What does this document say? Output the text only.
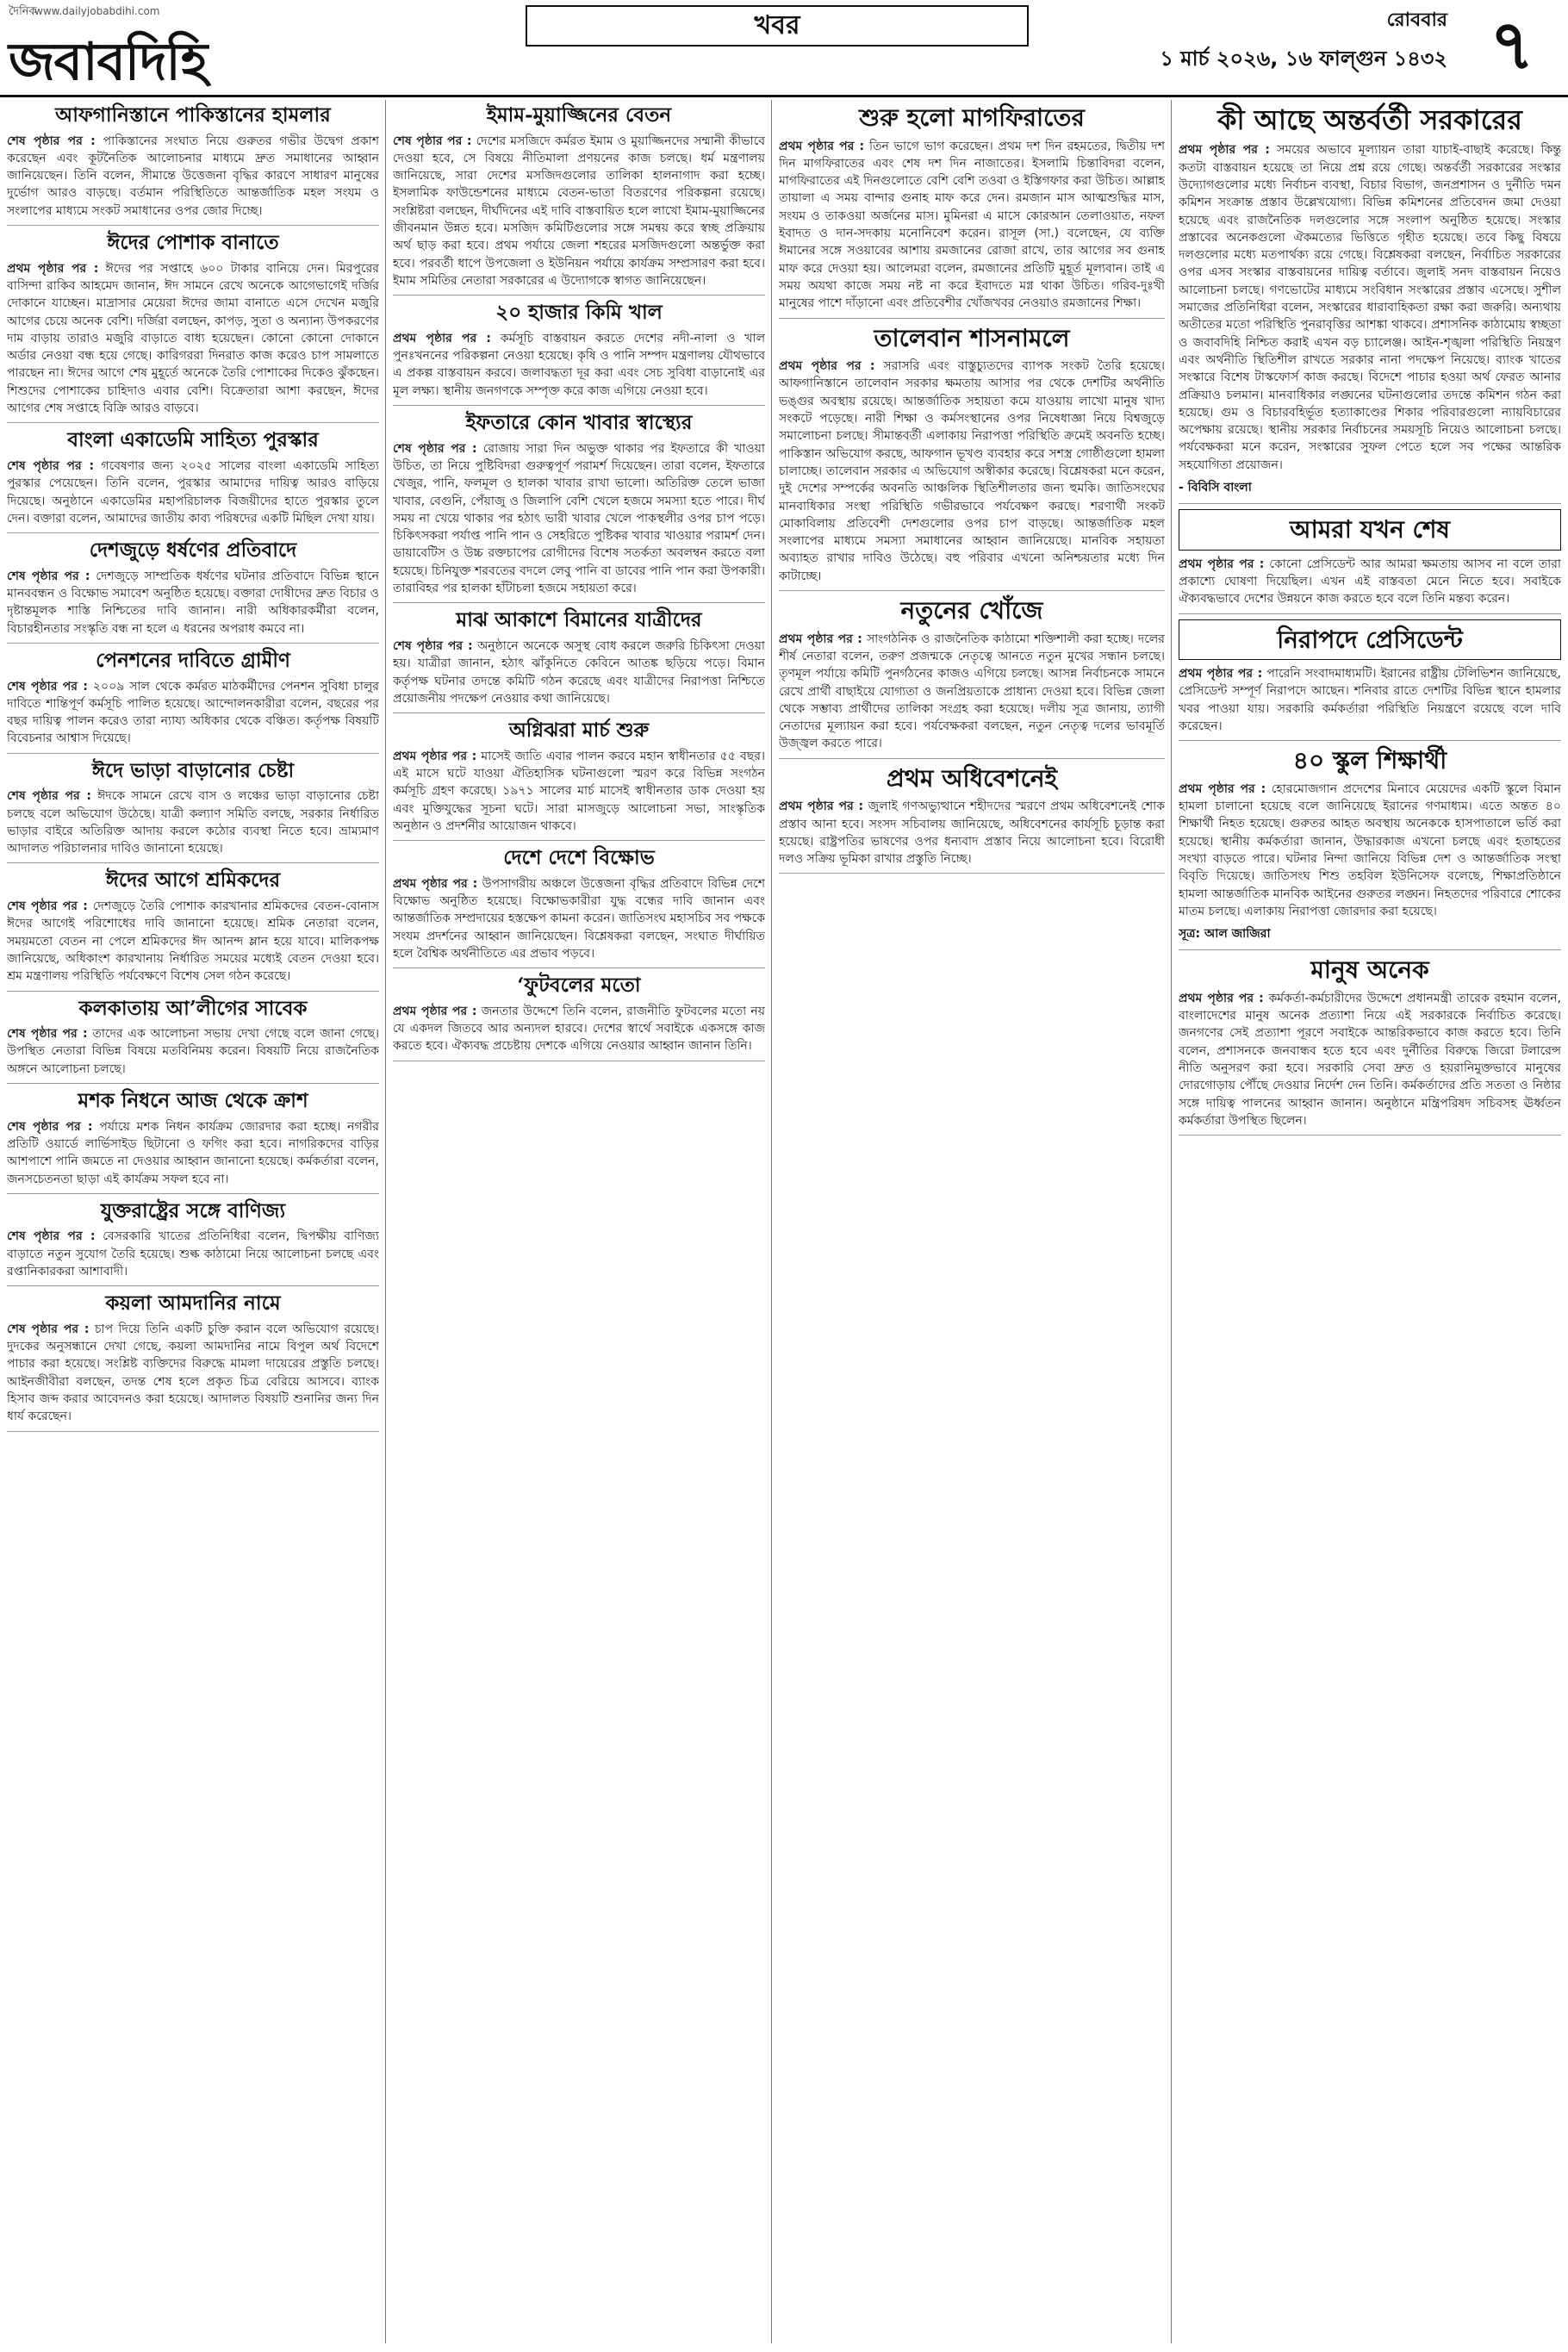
দৈনিক
www.dailyjobabdihi.com
জবাবদিহি
খবর	রোববার
১ মার্চ ২০২৬, ১৬ ফাল্গুন ১৪৩২ ৭
আফগানিস্তানে পাকিস্তানের হামলার
শেষ পৃষ্ঠার পর : পাকিস্তানের সংঘাত নিয়ে গুরুতর গভীর উদ্বেগ প্রকাশ করেছেন এবং কূটনৈতিক আলোচনার মাধ্যমে দ্রুত সমাধানের আহ্বান জানিয়েছেন। তিনি বলেন, সীমান্তে উত্তেজনা বৃদ্ধির কারণে সাধারণ মানুষের দুর্ভোগ আরও বাড়ছে। বর্তমান পরিস্থিতিতে আন্তর্জাতিক মহল সংযম ও সংলাপের মাধ্যমে সংকট সমাধানের ওপর জোর দিচ্ছে।
ঈদের পোশাক বানাতে
প্রথম পৃষ্ঠার পর : ঈদের পর সপ্তাহে ৬০০ টাকার বানিয়ে দেন। মিরপুরের বাসিন্দা রাকিব আহমেদ জানান, ঈদ সামনে রেখে অনেকে আগেভাগেই দর্জির দোকানে যাচ্ছেন। মাদ্রাসার মেয়েরা ঈদের জামা বানাতে এসে দেখেন মজুরি আগের চেয়ে অনেক বেশি। দর্জিরা বলছেন, কাপড়, সুতা ও অন্যান্য উপকরণের দাম বাড়ায় তারাও মজুরি বাড়াতে বাধ্য হয়েছেন। কোনো কোনো দোকানে অর্ডার নেওয়া বন্ধ হয়ে গেছে। কারিগররা দিনরাত কাজ করেও চাপ সামলাতে পারছেন না। ঈদের আগে শেষ মুহূর্তে অনেকে তৈরি পোশাকের দিকেও ঝুঁকছেন। শিশুদের পোশাকের চাহিদাও এবার বেশি। বিক্রেতারা আশা করছেন, ঈদের আগের শেষ সপ্তাহে বিক্রি আরও বাড়বে।
বাংলা একাডেমি সাহিত্য পুরস্কার
শেষ পৃষ্ঠার পর : গবেষণার জন্য ২০২৫ সালের বাংলা একাডেমি সাহিত্য পুরস্কার পেয়েছেন। তিনি বলেন, পুরস্কার আমাদের দায়িত্ব আরও বাড়িয়ে দিয়েছে। অনুষ্ঠানে একাডেমির মহাপরিচালক বিজয়ীদের হাতে পুরস্কার তুলে দেন। বক্তারা বলেন, আমাদের জাতীয় কাব্য পরিষদের একটি মিছিল দেখা যায়।
দেশজুড়ে ধর্ষণের প্রতিবাদে
শেষ পৃষ্ঠার পর : দেশজুড়ে সাম্প্রতিক ধর্ষণের ঘটনার প্রতিবাদে বিভিন্ন স্থানে মানববন্ধন ও বিক্ষোভ সমাবেশ অনুষ্ঠিত হয়েছে। বক্তারা দোষীদের দ্রুত বিচার ও দৃষ্টান্তমূলক শাস্তি নিশ্চিতের দাবি জানান। নারী অধিকারকর্মীরা বলেন, বিচারহীনতার সংস্কৃতি বন্ধ না হলে এ ধরনের অপরাধ কমবে না।
পেনশনের দাবিতে গ্রামীণ
শেষ পৃষ্ঠার পর : ২০০৯ সাল থেকে কর্মরত মাঠকর্মীদের পেনশন সুবিধা চালুর দাবিতে শান্তিপূর্ণ কর্মসূচি পালিত হয়েছে। আন্দোলনকারীরা বলেন, বছরের পর বছর দায়িত্ব পালন করেও তারা ন্যায্য অধিকার থেকে বঞ্চিত। কর্তৃপক্ষ বিষয়টি বিবেচনার আশ্বাস দিয়েছে।
ঈদে ভাড়া বাড়ানোর চেষ্টা
শেষ পৃষ্ঠার পর : ঈদকে সামনে রেখে বাস ও লঞ্চের ভাড়া বাড়ানোর চেষ্টা চলছে বলে অভিযোগ উঠেছে। যাত্রী কল্যাণ সমিতি বলছে, সরকার নির্ধারিত ভাড়ার বাইরে অতিরিক্ত আদায় করলে কঠোর ব্যবস্থা নিতে হবে। ভ্রাম্যমাণ আদালত পরিচালনার দাবিও জানানো হয়েছে।
ঈদের আগে শ্রমিকদের
শেষ পৃষ্ঠার পর : দেশজুড়ে তৈরি পোশাক কারখানার শ্রমিকদের বেতন-বোনাস ঈদের আগেই পরিশোধের দাবি জানানো হয়েছে। শ্রমিক নেতারা বলেন, সময়মতো বেতন না পেলে শ্রমিকদের ঈদ আনন্দ ম্লান হয়ে যাবে। মালিকপক্ষ জানিয়েছে, অধিকাংশ কারখানায় নির্ধারিত সময়ের মধ্যেই বেতন দেওয়া হবে। শ্রম মন্ত্রণালয় পরিস্থিতি পর্যবেক্ষণে বিশেষ সেল গঠন করেছে।
কলকাতায় আ’লীগের সাবেক
শেষ পৃষ্ঠার পর : তাদের এক আলোচনা সভায় দেখা গেছে বলে জানা গেছে। উপস্থিত নেতারা বিভিন্ন বিষয়ে মতবিনিময় করেন। বিষয়টি নিয়ে রাজনৈতিক অঙ্গনে আলোচনা চলছে।
মশক নিধনে আজ থেকে ক্রাশ
শেষ পৃষ্ঠার পর : পর্যায়ে মশক নিধন কার্যক্রম জোরদার করা হচ্ছে। নগরীর প্রতিটি ওয়ার্ডে লার্ভিসাইড ছিটানো ও ফগিং করা হবে। নাগরিকদের বাড়ির আশপাশে পানি জমতে না দেওয়ার আহ্বান জানানো হয়েছে। কর্মকর্তারা বলেন, জনসচেতনতা ছাড়া এই কার্যক্রম সফল হবে না।
যুক্তরাষ্ট্রের সঙ্গে বাণিজ্য
শেষ পৃষ্ঠার পর : বেসরকারি খাতের প্রতিনিধিরা বলেন, দ্বিপক্ষীয় বাণিজ্য বাড়াতে নতুন সুযোগ তৈরি হয়েছে। শুল্ক কাঠামো নিয়ে আলোচনা চলছে এবং রপ্তানিকারকরা আশাবাদী।
কয়লা আমদানির নামে
শেষ পৃষ্ঠার পর : চাপ দিয়ে তিনি একটি চুক্তি করান বলে অভিযোগ রয়েছে। দুদকের অনুসন্ধানে দেখা গেছে, কয়লা আমদানির নামে বিপুল অর্থ বিদেশে পাচার করা হয়েছে। সংশ্লিষ্ট ব্যক্তিদের বিরুদ্ধে মামলা দায়েরের প্রস্তুতি চলছে। আইনজীবীরা বলছেন, তদন্ত শেষ হলে প্রকৃত চিত্র বেরিয়ে আসবে। ব্যাংক হিসাব জব্দ করার আবেদনও করা হয়েছে। আদালত বিষয়টি শুনানির জন্য দিন ধার্য করেছেন।
ইমাম-মুয়াজ্জিনের বেতন
শেষ পৃষ্ঠার পর : দেশের মসজিদে কর্মরত ইমাম ও মুয়াজ্জিনদের সম্মানী কীভাবে দেওয়া হবে, সে বিষয়ে নীতিমালা প্রণয়নের কাজ চলছে। ধর্ম মন্ত্রণালয় জানিয়েছে, সারা দেশের মসজিদগুলোর তালিকা হালনাগাদ করা হচ্ছে। ইসলামিক ফাউন্ডেশনের মাধ্যমে বেতন-ভাতা বিতরণের পরিকল্পনা রয়েছে। সংশ্লিষ্টরা বলছেন, দীর্ঘদিনের এই দাবি বাস্তবায়িত হলে লাখো ইমাম-মুয়াজ্জিনের জীবনমান উন্নত হবে। মসজিদ কমিটিগুলোর সঙ্গে সমন্বয় করে স্বচ্ছ প্রক্রিয়ায় অর্থ ছাড় করা হবে। প্রথম পর্যায়ে জেলা শহরের মসজিদগুলো অন্তর্ভুক্ত করা হবে। পরবর্তী ধাপে উপজেলা ও ইউনিয়ন পর্যায়ে কার্যক্রম সম্প্রসারণ করা হবে। ইমাম সমিতির নেতারা সরকারের এ উদ্যোগকে স্বাগত জানিয়েছেন।
২০ হাজার কিমি খাল
প্রথম পৃষ্ঠার পর : কর্মসূচি বাস্তবায়ন করতে দেশের নদী-নালা ও খাল পুনঃখননের পরিকল্পনা নেওয়া হয়েছে। কৃষি ও পানি সম্পদ মন্ত্রণালয় যৌথভাবে এ প্রকল্প বাস্তবায়ন করবে। জলাবদ্ধতা দূর করা এবং সেচ সুবিধা বাড়ানোই এর মূল লক্ষ্য। স্থানীয় জনগণকে সম্পৃক্ত করে কাজ এগিয়ে নেওয়া হবে।
ইফতারে কোন খাবার স্বাস্থ্যের
শেষ পৃষ্ঠার পর : রোজায় সারা দিন অভুক্ত থাকার পর ইফতারে কী খাওয়া উচিত, তা নিয়ে পুষ্টিবিদরা গুরুত্বপূর্ণ পরামর্শ দিয়েছেন। তারা বলেন, ইফতারে খেজুর, পানি, ফলমূল ও হালকা খাবার রাখা ভালো। অতিরিক্ত তেলে ভাজা খাবার, বেগুনি, পেঁয়াজু ও জিলাপি বেশি খেলে হজমে সমস্যা হতে পারে। দীর্ঘ সময় না খেয়ে থাকার পর হঠাৎ ভারী খাবার খেলে পাকস্থলীর ওপর চাপ পড়ে। চিকিৎসকরা পর্যাপ্ত পানি পান ও সেহরিতে পুষ্টিকর খাবার খাওয়ার পরামর্শ দেন। ডায়াবেটিস ও উচ্চ রক্তচাপের রোগীদের বিশেষ সতর্কতা অবলম্বন করতে বলা হয়েছে। চিনিযুক্ত শরবতের বদলে লেবু পানি বা ডাবের পানি পান করা উপকারী। তারাবিহর পর হালকা হাঁটাচলা হজমে সহায়তা করে।
মাঝ আকাশে বিমানের যাত্রীদের
শেষ পৃষ্ঠার পর : অনুষ্ঠানে অনেকে অসুস্থ বোধ করলে জরুরি চিকিৎসা দেওয়া হয়। যাত্রীরা জানান, হঠাৎ ঝাঁকুনিতে কেবিনে আতঙ্ক ছড়িয়ে পড়ে। বিমান কর্তৃপক্ষ ঘটনার তদন্তে কমিটি গঠন করেছে এবং যাত্রীদের নিরাপত্তা নিশ্চিতে প্রয়োজনীয় পদক্ষেপ নেওয়ার কথা জানিয়েছে।
অগ্নিঝরা মার্চ শুরু
প্রথম পৃষ্ঠার পর : মাসেই জাতি এবার পালন করবে মহান স্বাধীনতার ৫৫ বছর। এই মাসে ঘটে যাওয়া ঐতিহাসিক ঘটনাগুলো স্মরণ করে বিভিন্ন সংগঠন কর্মসূচি গ্রহণ করেছে। ১৯৭১ সালের মার্চ মাসেই স্বাধীনতার ডাক দেওয়া হয় এবং মুক্তিযুদ্ধের সূচনা ঘটে। সারা মাসজুড়ে আলোচনা সভা, সাংস্কৃতিক অনুষ্ঠান ও প্রদর্শনীর আয়োজন থাকবে।
দেশে দেশে বিক্ষোভ
প্রথম পৃষ্ঠার পর : উপসাগরীয় অঞ্চলে উত্তেজনা বৃদ্ধির প্রতিবাদে বিভিন্ন দেশে বিক্ষোভ অনুষ্ঠিত হয়েছে। বিক্ষোভকারীরা যুদ্ধ বন্ধের দাবি জানান এবং আন্তর্জাতিক সম্প্রদায়ের হস্তক্ষেপ কামনা করেন। জাতিসংঘ মহাসচিব সব পক্ষকে সংযম প্রদর্শনের আহ্বান জানিয়েছেন। বিশ্লেষকরা বলছেন, সংঘাত দীর্ঘায়িত হলে বৈশ্বিক অর্থনীতিতে এর প্রভাব পড়বে।
‘ফুটবলের মতো
প্রথম পৃষ্ঠার পর : জনতার উদ্দেশে তিনি বলেন, রাজনীতি ফুটবলের মতো নয় যে একদল জিতবে আর অন্যদল হারবে। দেশের স্বার্থে সবাইকে একসঙ্গে কাজ করতে হবে। ঐক্যবদ্ধ প্রচেষ্টায় দেশকে এগিয়ে নেওয়ার আহ্বান জানান তিনি।
শুরু হলো মাগফিরাতের
প্রথম পৃষ্ঠার পর : তিন ভাগে ভাগ করেছেন। প্রথম দশ দিন রহমতের, দ্বিতীয় দশ দিন মাগফিরাতের এবং শেষ দশ দিন নাজাতের। ইসলামি চিন্তাবিদরা বলেন, মাগফিরাতের এই দিনগুলোতে বেশি বেশি তওবা ও ইস্তিগফার করা উচিত। আল্লাহ তায়ালা এ সময় বান্দার গুনাহ মাফ করে দেন। রমজান মাস আত্মশুদ্ধির মাস, সংযম ও তাকওয়া অর্জনের মাস। মুমিনরা এ মাসে কোরআন তেলাওয়াত, নফল ইবাদত ও দান-সদকায় মনোনিবেশ করেন। রাসূল (সা.) বলেছেন, যে ব্যক্তি ঈমানের সঙ্গে সওয়াবের আশায় রমজানের রোজা রাখে, তার আগের সব গুনাহ মাফ করে দেওয়া হয়। আলেমরা বলেন, রমজানের প্রতিটি মুহূর্ত মূল্যবান। তাই এ সময় অযথা কাজে সময় নষ্ট না করে ইবাদতে মগ্ন থাকা উচিত। গরিব-দুঃখী মানুষের পাশে দাঁড়ানো এবং প্রতিবেশীর খোঁজখবর নেওয়াও রমজানের শিক্ষা।
তালেবান শাসনামলে
প্রথম পৃষ্ঠার পর : সরাসরি এবং বাস্তুচ্যুতদের ব্যাপক সংকট তৈরি হয়েছে। আফগানিস্তানে তালেবান সরকার ক্ষমতায় আসার পর থেকে দেশটির অর্থনীতি ভঙ্গুর অবস্থায় রয়েছে। আন্তর্জাতিক সহায়তা কমে যাওয়ায় লাখো মানুষ খাদ্য সংকটে পড়েছে। নারী শিক্ষা ও কর্মসংস্থানের ওপর নিষেধাজ্ঞা নিয়ে বিশ্বজুড়ে সমালোচনা চলছে। সীমান্তবর্তী এলাকায় নিরাপত্তা পরিস্থিতি ক্রমেই অবনতি হচ্ছে। পাকিস্তান অভিযোগ করছে, আফগান ভূখণ্ড ব্যবহার করে সশস্ত্র গোষ্ঠীগুলো হামলা চালাচ্ছে। তালেবান সরকার এ অভিযোগ অস্বীকার করেছে। বিশ্লেষকরা মনে করেন, দুই দেশের সম্পর্কের অবনতি আঞ্চলিক স্থিতিশীলতার জন্য হুমকি। জাতিসংঘের মানবাধিকার সংস্থা পরিস্থিতি গভীরভাবে পর্যবেক্ষণ করছে। শরণার্থী সংকট মোকাবিলায় প্রতিবেশী দেশগুলোর ওপর চাপ বাড়ছে। আন্তর্জাতিক মহল সংলাপের মাধ্যমে সমস্যা সমাধানের আহ্বান জানিয়েছে। মানবিক সহায়তা অব্যাহত রাখার দাবিও উঠেছে। বহু পরিবার এখনো অনিশ্চয়তার মধ্যে দিন কাটাচ্ছে।
নতুনের খোঁজে
প্রথম পৃষ্ঠার পর : সাংগঠনিক ও রাজনৈতিক কাঠামো শক্তিশালী করা হচ্ছে। দলের শীর্ষ নেতারা বলেন, তরুণ প্রজন্মকে নেতৃত্বে আনতে নতুন মুখের সন্ধান চলছে। তৃণমূল পর্যায়ে কমিটি পুনর্গঠনের কাজও এগিয়ে চলছে। আসন্ন নির্বাচনকে সামনে রেখে প্রার্থী বাছাইয়ে যোগ্যতা ও জনপ্রিয়তাকে প্রাধান্য দেওয়া হবে। বিভিন্ন জেলা থেকে সম্ভাব্য প্রার্থীদের তালিকা সংগ্রহ করা হয়েছে। দলীয় সূত্র জানায়, ত্যাগী নেতাদের মূল্যায়ন করা হবে। পর্যবেক্ষকরা বলছেন, নতুন নেতৃত্ব দলের ভাবমূর্তি উজ্জ্বল করতে পারে।
প্রথম অধিবেশনেই
প্রথম পৃষ্ঠার পর : জুলাই গণঅভ্যুত্থানে শহীদদের স্মরণে প্রথম অধিবেশনেই শোক প্রস্তাব আনা হবে। সংসদ সচিবালয় জানিয়েছে, অধিবেশনের কার্যসূচি চূড়ান্ত করা হয়েছে। রাষ্ট্রপতির ভাষণের ওপর ধন্যবাদ প্রস্তাব নিয়ে আলোচনা হবে। বিরোধী দলও সক্রিয় ভূমিকা রাখার প্রস্তুতি নিচ্ছে।
কী আছে অন্তর্বর্তী সরকারের
প্রথম পৃষ্ঠার পর : সময়ের অভাবে মূল্যায়ন তারা যাচাই-বাছাই করেছে। কিন্তু কতটা বাস্তবায়ন হয়েছে তা নিয়ে প্রশ্ন রয়ে গেছে। অন্তর্বর্তী সরকারের সংস্কার উদ্যোগগুলোর মধ্যে নির্বাচন ব্যবস্থা, বিচার বিভাগ, জনপ্রশাসন ও দুর্নীতি দমন কমিশন সংক্রান্ত প্রস্তাব উল্লেখযোগ্য। বিভিন্ন কমিশনের প্রতিবেদন জমা দেওয়া হয়েছে এবং রাজনৈতিক দলগুলোর সঙ্গে সংলাপ অনুষ্ঠিত হয়েছে। সংস্কার প্রস্তাবের অনেকগুলো ঐকমত্যের ভিত্তিতে গৃহীত হয়েছে। তবে কিছু বিষয়ে দলগুলোর মধ্যে মতপার্থক্য রয়ে গেছে। বিশ্লেষকরা বলছেন, নির্বাচিত সরকারের ওপর এসব সংস্কার বাস্তবায়নের দায়িত্ব বর্তাবে। জুলাই সনদ বাস্তবায়ন নিয়েও আলোচনা চলছে। গণভোটের মাধ্যমে সংবিধান সংস্কারের প্রস্তাব এসেছে। সুশীল সমাজের প্রতিনিধিরা বলেন, সংস্কারের ধারাবাহিকতা রক্ষা করা জরুরি। অন্যথায় অতীতের মতো পরিস্থিতি পুনরাবৃত্তির আশঙ্কা থাকবে। প্রশাসনিক কাঠামোয় স্বচ্ছতা ও জবাবদিহি নিশ্চিত করাই এখন বড় চ্যালেঞ্জ। আইন-শৃঙ্খলা পরিস্থিতি নিয়ন্ত্রণ এবং অর্থনীতি স্থিতিশীল রাখতে সরকার নানা পদক্ষেপ নিয়েছে। ব্যাংক খাতের সংস্কারে বিশেষ টাস্কফোর্স কাজ করছে। বিদেশে পাচার হওয়া অর্থ ফেরত আনার প্রক্রিয়াও চলমান। মানবাধিকার লঙ্ঘনের ঘটনাগুলোর তদন্তে কমিশন গঠন করা হয়েছে। গুম ও বিচারবহির্ভূত হত্যাকাণ্ডের শিকার পরিবারগুলো ন্যায়বিচারের অপেক্ষায় রয়েছে। স্থানীয় সরকার নির্বাচনের সময়সূচি নিয়েও আলোচনা চলছে। পর্যবেক্ষকরা মনে করেন, সংস্কারের সুফল পেতে হলে সব পক্ষের আন্তরিক সহযোগিতা প্রয়োজন।
- বিবিসি বাংলা
আমরা যখন শেষ
প্রথম পৃষ্ঠার পর : কোনো প্রেসিডেন্ট আর আমরা ক্ষমতায় আসব না বলে তারা প্রকাশ্যে ঘোষণা দিয়েছিল। এখন এই বাস্তবতা মেনে নিতে হবে। সবাইকে ঐক্যবদ্ধভাবে দেশের উন্নয়নে কাজ করতে হবে বলে তিনি মন্তব্য করেন।
নিরাপদে প্রেসিডেন্ট
প্রথম পৃষ্ঠার পর : পারেনি সংবাদমাধ্যমটি। ইরানের রাষ্ট্রীয় টেলিভিশন জানিয়েছে, প্রেসিডেন্ট সম্পূর্ণ নিরাপদে আছেন। শনিবার রাতে দেশটির বিভিন্ন স্থানে হামলার খবর পাওয়া যায়। সরকারি কর্মকর্তারা পরিস্থিতি নিয়ন্ত্রণে রয়েছে বলে দাবি করেছেন।
৪০ স্কুল শিক্ষার্থী
প্রথম পৃষ্ঠার পর : হোরমোজগান প্রদেশের মিনাবে মেয়েদের একটি স্কুলে বিমান হামলা চালানো হয়েছে বলে জানিয়েছে ইরানের গণমাধ্যম। এতে অন্তত ৪০ শিক্ষার্থী নিহত হয়েছে। গুরুতর আহত অবস্থায় অনেককে হাসপাতালে ভর্তি করা হয়েছে। স্থানীয় কর্মকর্তারা জানান, উদ্ধারকাজ এখনো চলছে এবং হতাহতের সংখ্যা বাড়তে পারে। ঘটনার নিন্দা জানিয়ে বিভিন্ন দেশ ও আন্তর্জাতিক সংস্থা বিবৃতি দিয়েছে। জাতিসংঘ শিশু তহবিল ইউনিসেফ বলেছে, শিক্ষাপ্রতিষ্ঠানে হামলা আন্তর্জাতিক মানবিক আইনের গুরুতর লঙ্ঘন। নিহতদের পরিবারে শোকের মাতম চলছে। এলাকায় নিরাপত্তা জোরদার করা হয়েছে।
সূত্র: আল জাজিরা
মানুষ অনেক
প্রথম পৃষ্ঠার পর : কর্মকর্তা-কর্মচারীদের উদ্দেশে প্রধানমন্ত্রী তারেক রহমান বলেন, বাংলাদেশের মানুষ অনেক প্রত্যাশা নিয়ে এই সরকারকে নির্বাচিত করেছে। জনগণের সেই প্রত্যাশা পূরণে সবাইকে আন্তরিকভাবে কাজ করতে হবে। তিনি বলেন, প্রশাসনকে জনবান্ধব হতে হবে এবং দুর্নীতির বিরুদ্ধে জিরো টলারেন্স নীতি অনুসরণ করা হবে। সরকারি সেবা দ্রুত ও হয়রানিমুক্তভাবে মানুষের দোরগোড়ায় পৌঁছে দেওয়ার নির্দেশ দেন তিনি। কর্মকর্তাদের প্রতি সততা ও নিষ্ঠার সঙ্গে দায়িত্ব পালনের আহ্বান জানান। অনুষ্ঠানে মন্ত্রিপরিষদ সচিবসহ ঊর্ধ্বতন কর্মকর্তারা উপস্থিত ছিলেন।
